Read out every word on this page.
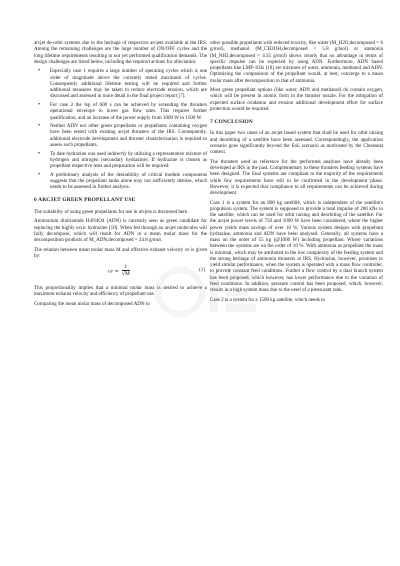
arcjet de-orbit systems due to the heritage of respective arcjets available at the IRS. Among the remaining challenges are the large number of ON/OFF cycles and the long lifetime requirements resulting in not yet performed qualification demands. The design challenges are listed below, including the required actions for alleviation:

• Especially case 1 requires a large number of operating cycles which is one order of magnitude above the currently tested maximum of cycles. Consequently additional lifetime testing will be required and further additional measures may be taken to reduce electrode erosion, which are discussed and assessed in more detail in the final project report [7].
• For case 2 the Isp of 600 s can be achieved by extending the thrusters operational envelope to lower gas flow rates. This requires further qualification, and an increase of the power supply from 1000 W to 1500 W.
• Neither ADN nor other green propellants or propellants containing oxygen have been tested with existing arcjet thrusters of the IRS. Consequently, additional electrode development and thruster characterization is required to assess such propellants.
• To date hydrazine was used indirectly by utilizing a representative mixture of hydrogen and nitrogen (secondary hydrazine). If hydrazine is chosen as propellant respective tests and preparation will be required.
• A preliminary analysis of the desirability of critical module components suggests that the propellant tanks alone may not sufficiently demise, which needs to be assessed in further analysis.
6 ARCJET GREEN PROPELLANT USE

The suitability of using green propellants for use in arcjets is discussed here.

Ammonium dinitramide H4N4O4 (ADN) is currently seen as green candidate for replacing the highly toxic hydrazine [10]. When fed through an arcjet molecules will fully decompose, which will result for ADN in a mean molar mass for the decomposition products of M_ADN,decomposed = 24.8 g/mol.

The relation between mean molar mass M and effective exhaust velocity ce is given by:

ce ∝ $\frac{1}{√M}$	(1)

This proportionality implies that a minimal molar mass is desired to achieve a maximum exhaust velocity and efficiency of propellant use.

Comparing the mean molar mass of decomposed ADN to

other possible propellants with reduced toxicity, like water (M_H2O,decomposed = 6 g/mol), methanol (M_CH3OH,decomposed = 5.8 g/mol) or ammonia (M_NH3,decomposed = 4.35 g/mol) shows clearly that no advantage in terms of specific impulse can be expected by using ADN. Furthermore, ADN based propellants like LMP-103s [10] are mixtures of water, ammonia, methanol and ADN. Optimizing the composition of the propellant would, at best, converge to a mean molar mass after decomposition to that of ammonia.

Most green propellant options (like water, ADN and methanol) do contain oxygen, which will be present in atomic form in the thruster nozzle. For the mitigation of expected surface oxidation and erosion additional development effort for surface protection would be required.

7 CONCLUSION

In this paper two cases of an arcjet based system that shall be used for orbit raising and deorbiting of a satellite have been assessed. Correspondingly, the application scenario goes significantly beyond the EoL scenario as motivated by the Cleanseat context.

The thrusters used as reference for the performed analyses have already been developed at IRS in the past. Complementary to these thrusters feeding systems have been designed. The final systems are compliant to the majority of the requirements while few requirements have still to be confirmed in the development phase. However, it is expected that compliance to all requirements can be achieved during development.

Case 1 is a system for an 800 kg satellite, which is independent of the satellite's propulsion system. The system is supposed to provide a total impulse of 200 kNs to the satellite, which can be used for orbit raising and deorbiting of the satellite. For the arcjet power levels of 750 and 1000 W have been considered, where the higher power yields mass savings of over 10 %. Various system designs with propellant hydrazine, ammonia and ADN have been analysed. Generally, all systems have a mass on the order of 55 kg (@1000 W) including propellant. Where variations between the systems are on the order of 10 %. With ammonia as propellant the mass is minimal, which may be attributed to the low complexity of the feeding system and the strong heritage of ammonia thrusters at IRS. Hydrazine, however, promises to yield similar performance, when the system is operated with a mass flow controller, to provide constant feed conditions. Further a flow control by a dual branch system has been proposed, which however, has lower performance due to the variation of feed conditions. In addition, pressure control has been proposed, which, however, results in a high system mass due to the need of a pressurant tank.

Case 2 is a system for a 1500 kg satellite, which needs to
